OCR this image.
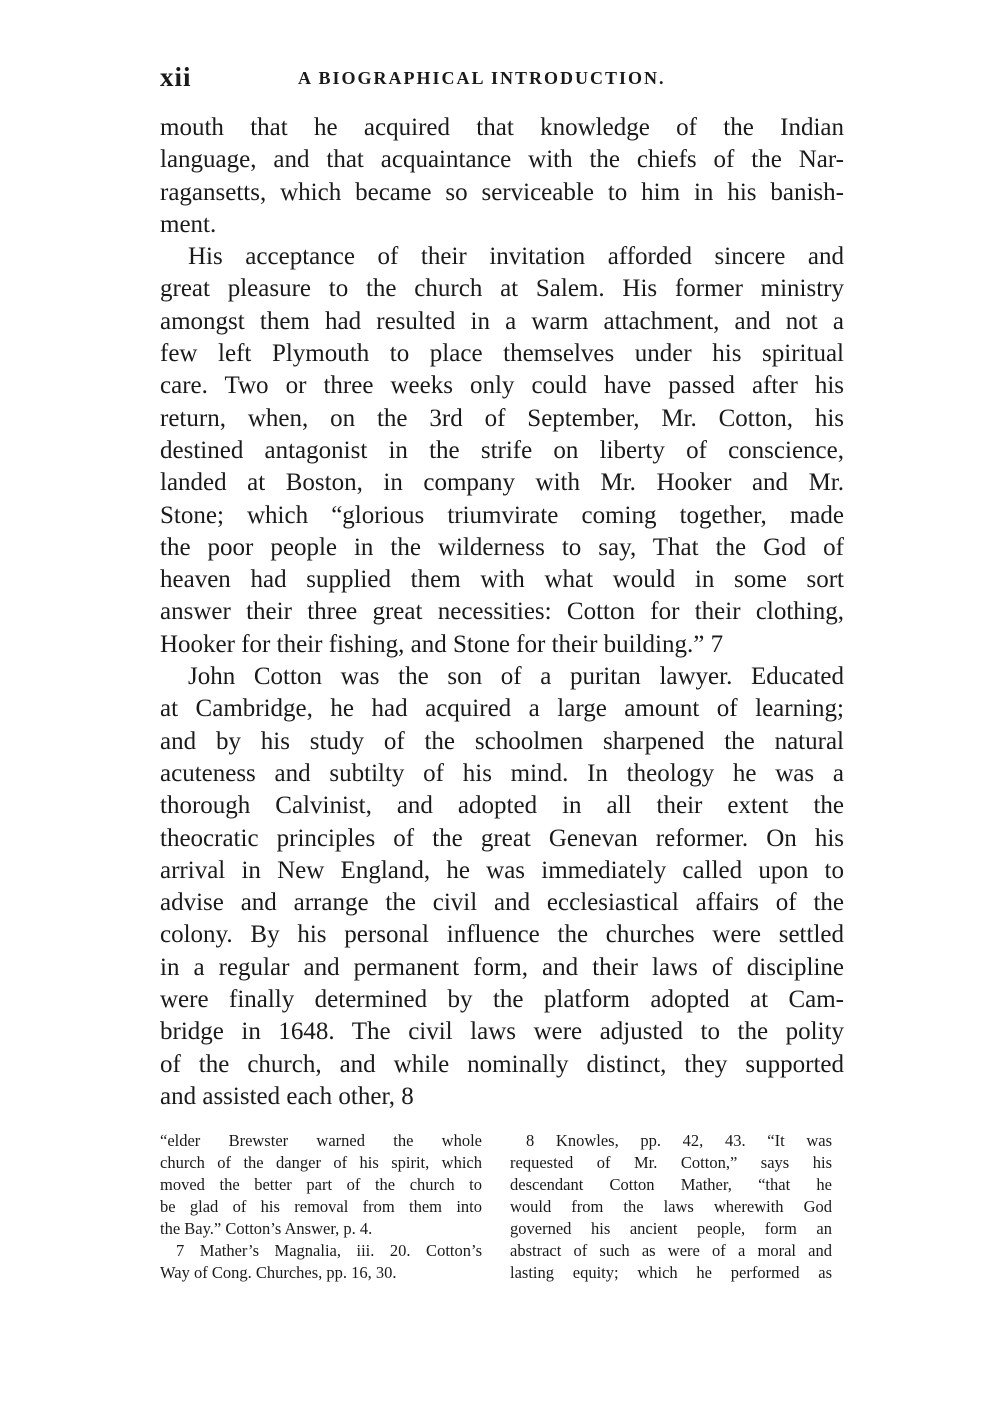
xii	A BIOGRAPHICAL INTRODUCTION.
mouth that he acquired that knowledge of the Indian
language, and that acquaintance with the chiefs of the Nar-
ragansetts, which became so serviceable to him in his banish-
ment.
His acceptance of their invitation afforded sincere and
great pleasure to the church at Salem. His former ministry
amongst them had resulted in a warm attachment, and not a
few left Plymouth to place themselves under his spiritual
care. Two or three weeks only could have passed after his
return, when, on the 3rd of September, Mr. Cotton, his
destined antagonist in the strife on liberty of conscience,
landed at Boston, in company with Mr. Hooker and Mr.
Stone; which “glorious triumvirate coming together, made
the poor people in the wilderness to say, That the God of
heaven had supplied them with what would in some sort
answer their three great necessities: Cotton for their clothing,
Hooker for their fishing, and Stone for their building.” 7
John Cotton was the son of a puritan lawyer. Educated
at Cambridge, he had acquired a large amount of learning;
and by his study of the schoolmen sharpened the natural
acuteness and subtilty of his mind. In theology he was a
thorough Calvinist, and adopted in all their extent the
theocratic principles of the great Genevan reformer. On his
arrival in New England, he was immediately called upon to
advise and arrange the civil and ecclesiastical affairs of the
colony. By his personal influence the churches were settled
in a regular and permanent form, and their laws of discipline
were finally determined by the platform adopted at Cam-
bridge in 1648. The civil laws were adjusted to the polity
of the church, and while nominally distinct, they supported
and assisted each other, 8
“elder Brewster warned the whole
church of the danger of his spirit, which
moved the better part of the church to
be glad of his removal from them into
the Bay.” Cotton’s Answer, p. 4.
7 Mather’s Magnalia, iii. 20. Cotton’s
Way of Cong. Churches, pp. 16, 30.
8 Knowles, pp. 42, 43. “It was
requested of Mr. Cotton,” says his
descendant Cotton Mather, “that he
would from the laws wherewith God
governed his ancient people, form an
abstract of such as were of a moral and
lasting equity; which he performed as
